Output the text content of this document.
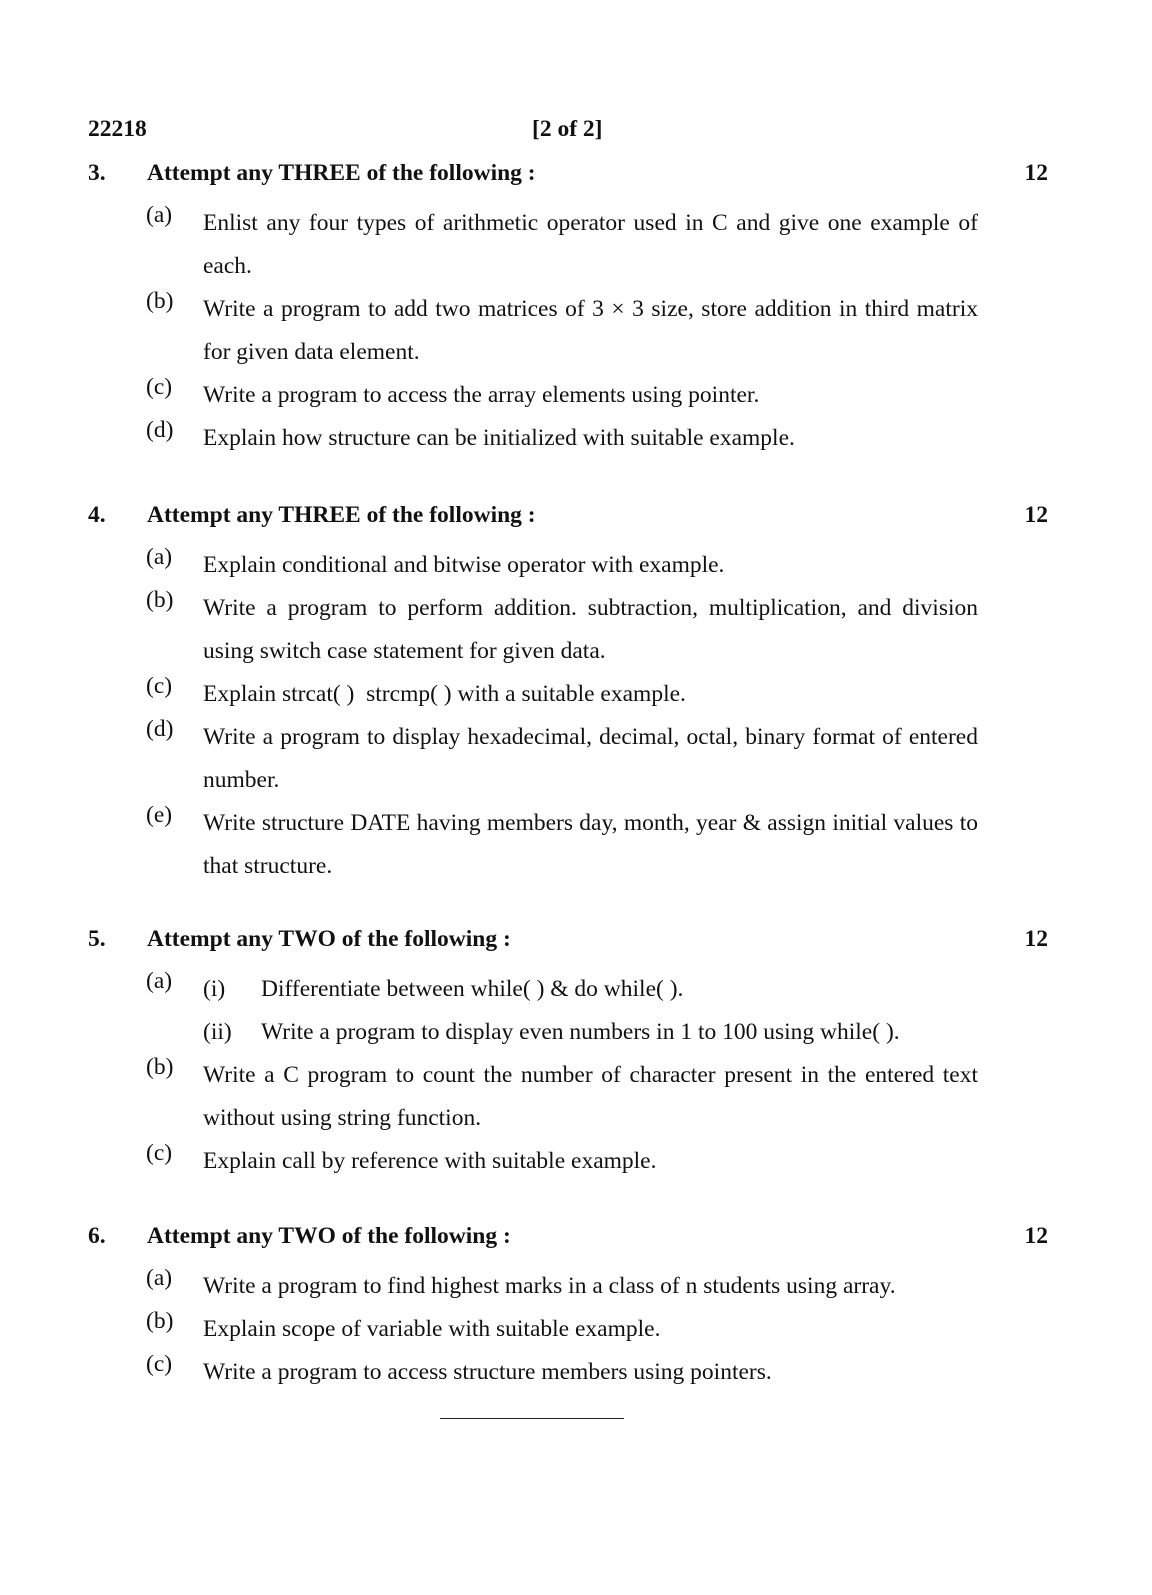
22218	[2 of 2]
3. Attempt any THREE of the following :	12
(a) Enlist any four types of arithmetic operator used in C and give one example of each.
(b) Write a program to add two matrices of 3 × 3 size, store addition in third matrix for given data element.
(c) Write a program to access the array elements using pointer.
(d) Explain how structure can be initialized with suitable example.
4. Attempt any THREE of the following :	12
(a) Explain conditional and bitwise operator with example.
(b) Write a program to perform addition. subtraction, multiplication, and division using switch case statement for given data.
(c) Explain strcat( )  strcmp( ) with a suitable example.
(d) Write a program to display hexadecimal, decimal, octal, binary format of entered number.
(e) Write structure DATE having members day, month, year & assign initial values to that structure.
5. Attempt any TWO of the following :	12
(a) (i) Differentiate between while( ) & do while( ).
(ii) Write a program to display even numbers in 1 to 100 using while( ).
(b) Write a C program to count the number of character present in the entered text without using string function.
(c) Explain call by reference with suitable example.
6. Attempt any TWO of the following :	12
(a) Write a program to find highest marks in a class of n students using array.
(b) Explain scope of variable with suitable example.
(c) Write a program to access structure members using pointers.
